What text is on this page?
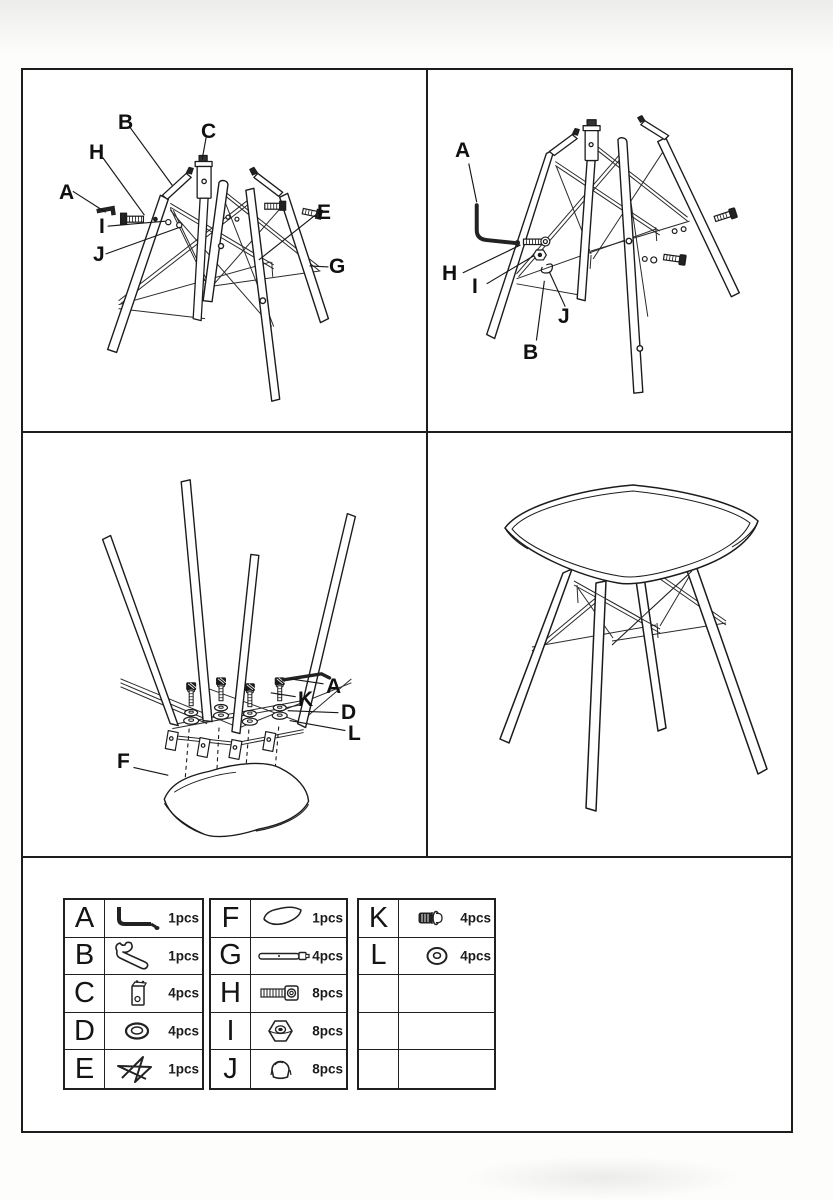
B	C
H
A
I
J
E
G
A
H
I
J
B
A
K
D
L
F
A	1pcs
B	1pcs
C	4pcs
D	4pcs
E	1pcs
F	1pcs
G	4pcs
H	8pcs
I	8pcs
J	8pcs
K	4pcs
L	4pcs
